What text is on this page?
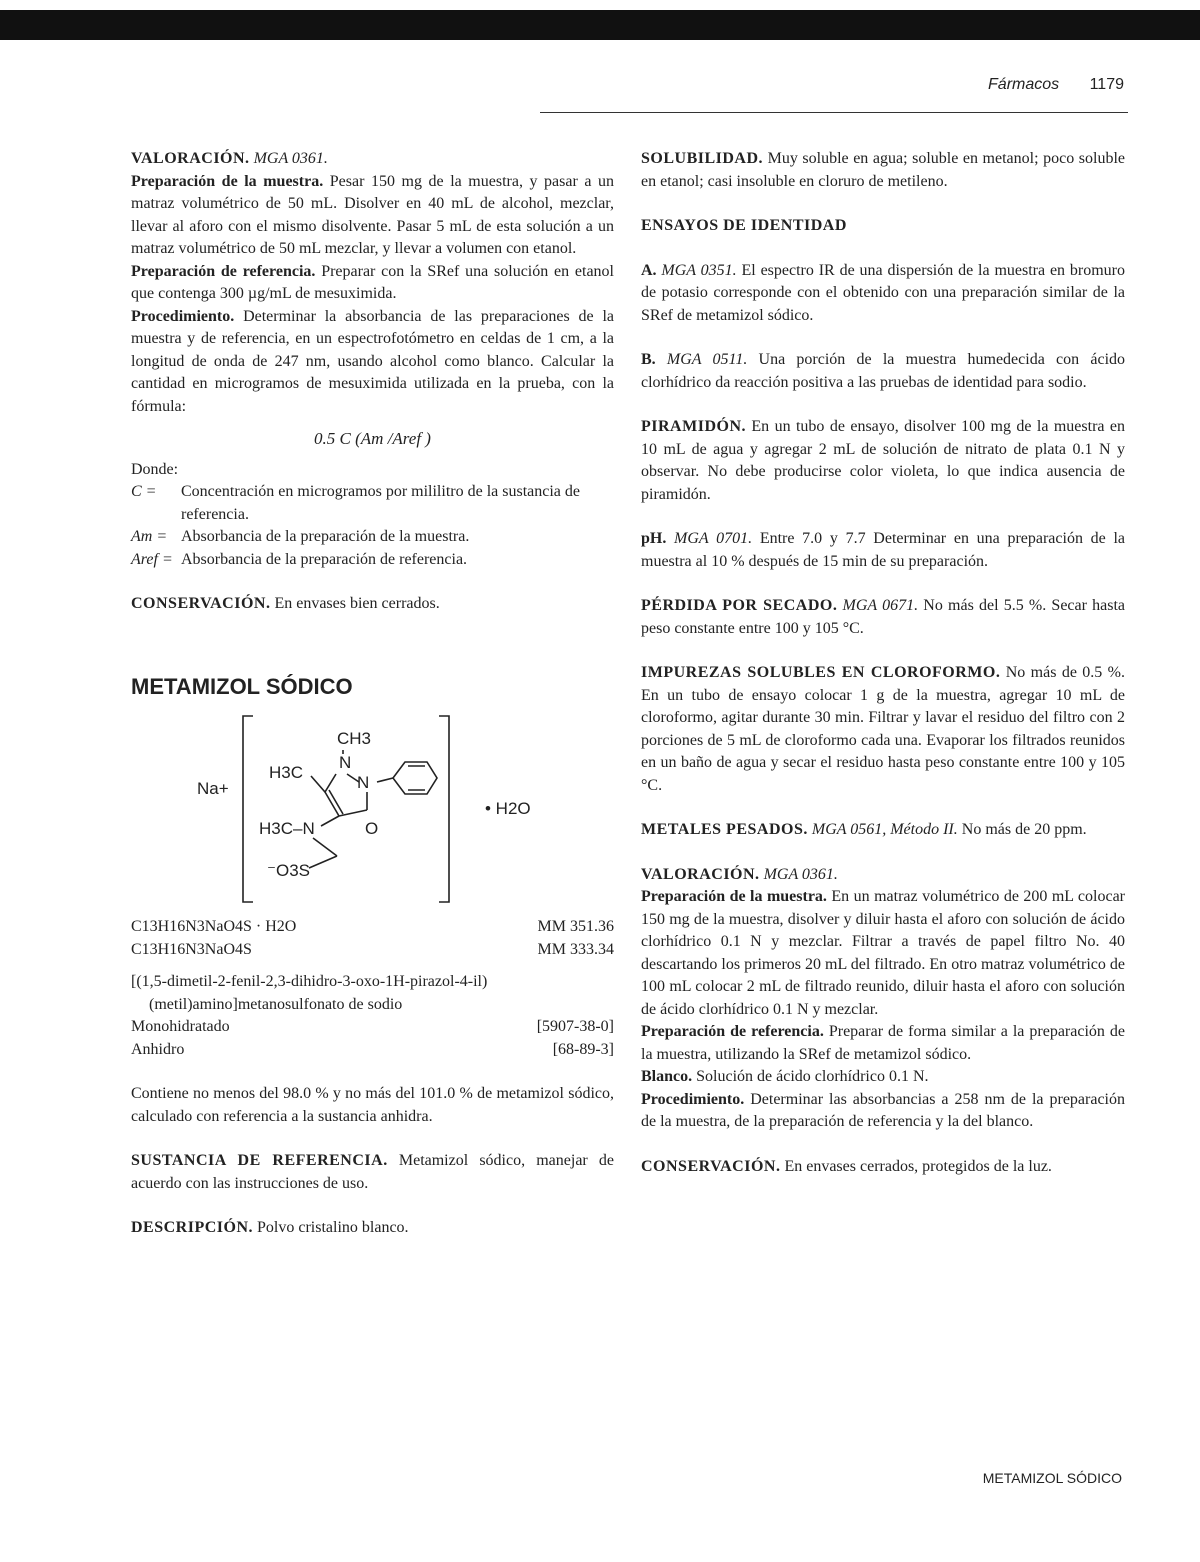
Fármacos 1179

VALORACIÓN. MGA 0361.

Preparación de la muestra. Pesar 150 mg de la muestra, y pasar a un matraz volumétrico de 50 mL. Disolver en 40 mL de alcohol, mezclar, llevar al aforo con el mismo disolvente. Pasar 5 mL de esta solución a un matraz volumétrico de 50 mL mezclar, y llevar a volumen con etanol.

Preparación de referencia. Preparar con la SRef una solución en etanol que contenga 300 µg/mL de mesuximida.

Procedimiento. Determinar la absorbancia de las preparaciones de la muestra y de referencia, en un espectrofotómetro en celdas de 1 cm, a la longitud de onda de 247 nm, usando alcohol como blanco. Calcular la cantidad en microgramos de mesuximida utilizada en la prueba, con la fórmula:

0.5 C (Am /Aref )

Donde:

C =	Concentración en microgramos por mililitro de la sustancia de referencia.
Am = Absorbancia de la preparación de la muestra.
Aref = Absorbancia de la preparación de referencia.

CONSERVACIÓN. En envases bien cerrados.

METAMIZOL SÓDICO
Na+
CH3
N
N
H3C
H3C–N	O
⁻O3S
• H2O
C13H16N3NaO4S · H2O	MM 351.36
C13H16N3NaO4S	MM 333.34

[(1,5-dimetil-2-fenil-2,3-dihidro-3-oxo-1H-pirazol-4-il)

(metil)amino]metanosulfonato de sodio

Monohidratado	[5907-38-0]
Anhidro	[68-89-3]

Contiene no menos del 98.0 % y no más del 101.0 % de metamizol sódico, calculado con referencia a la sustancia anhidra.

SUSTANCIA DE REFERENCIA. Metamizol sódico, manejar de acuerdo con las instrucciones de uso.

DESCRIPCIÓN. Polvo cristalino blanco.

SOLUBILIDAD. Muy soluble en agua; soluble en metanol; poco soluble en etanol; casi insoluble en cloruro de metileno.

ENSAYOS DE IDENTIDAD

A. MGA 0351. El espectro IR de una dispersión de la muestra en bromuro de potasio corresponde con el obtenido con una preparación similar de la SRef de metamizol sódico.

B. MGA 0511. Una porción de la muestra humedecida con ácido clorhídrico da reacción positiva a las pruebas de identidad para sodio.

PIRAMIDÓN. En un tubo de ensayo, disolver 100 mg de la muestra en 10 mL de agua y agregar 2 mL de solución de nitrato de plata 0.1 N y observar. No debe producirse color violeta, lo que indica ausencia de piramidón.

pH. MGA 0701. Entre 7.0 y 7.7 Determinar en una preparación de la muestra al 10 % después de 15 min de su preparación.

PÉRDIDA POR SECADO. MGA 0671. No más del 5.5 %. Secar hasta peso constante entre 100 y 105 °C.

IMPUREZAS SOLUBLES EN CLOROFORMO. No más de 0.5 %. En un tubo de ensayo colocar 1 g de la muestra, agregar 10 mL de cloroformo, agitar durante 30 min. Filtrar y lavar el residuo del filtro con 2 porciones de 5 mL de cloroformo cada una. Evaporar los filtrados reunidos en un baño de agua y secar el residuo hasta peso constante entre 100 y 105 °C.

METALES PESADOS. MGA 0561, Método II. No más de 20 ppm.

VALORACIÓN. MGA 0361.

Preparación de la muestra. En un matraz volumétrico de 200 mL colocar 150 mg de la muestra, disolver y diluir hasta el aforo con solución de ácido clorhídrico 0.1 N y mezclar. Filtrar a través de papel filtro No. 40 descartando los primeros 20 mL del filtrado. En otro matraz volumétrico de 100 mL colocar 2 mL de filtrado reunido, diluir hasta el aforo con solución de ácido clorhídrico 0.1 N y mezclar.

Preparación de referencia. Preparar de forma similar a la preparación de la muestra, utilizando la SRef de metamizol sódico.

Blanco. Solución de ácido clorhídrico 0.1 N.

Procedimiento. Determinar las absorbancias a 258 nm de la preparación de la muestra, de la preparación de referencia y la del blanco.

CONSERVACIÓN. En envases cerrados, protegidos de la luz.

METAMIZOL SÓDICO
